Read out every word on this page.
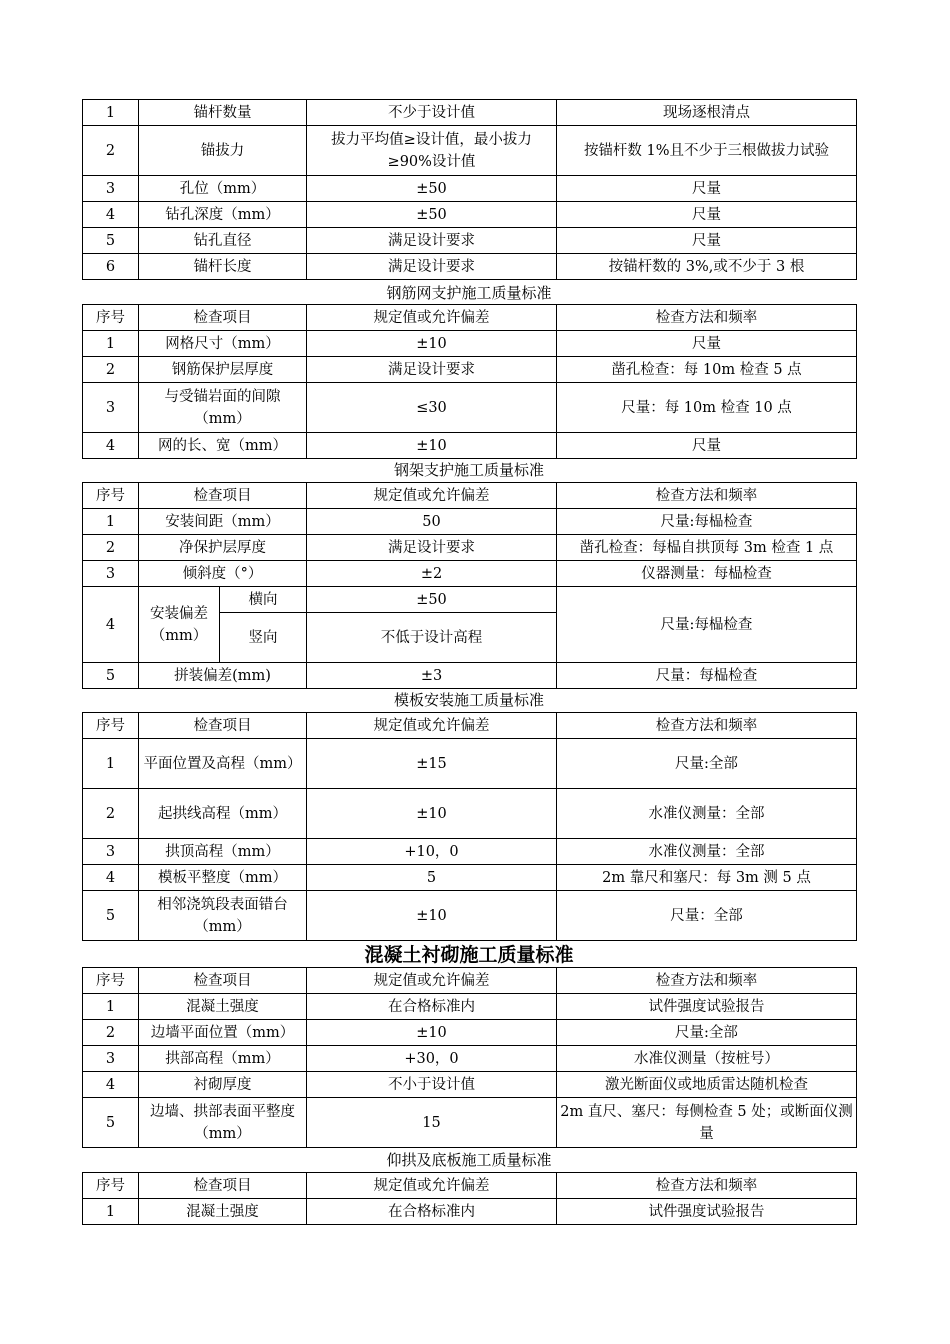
1	锚杆数量	不少于设计值	现场逐根清点
2	锚拔力	拔力平均值≥设计值，最小拔力≥90%设计值	按锚杆数 1%且不少于三根做拔力试验
3	孔位（mm）	±50	尺量
4	钻孔深度（mm）	±50	尺量
5	钻孔直径	满足设计要求	尺量
6	锚杆长度	满足设计要求	按锚杆数的 3%,或不少于 3 根
钢筋网支护施工质量标准
序号	检查项目	规定值或允许偏差	检查方法和频率
1	网格尺寸（mm）	±10	尺量
2	钢筋保护层厚度	满足设计要求	凿孔检查：每 10m 检查 5 点
3	与受锚岩面的间隙（mm）	≤30	尺量：每 10m 检查 10 点
4	网的长、宽（mm）	±10	尺量
钢架支护施工质量标准
序号	检查项目		规定值或允许偏差	检查方法和频率
1	安装间距（mm）		50	尺量:每榀检查
2	净保护层厚度		满足设计要求	凿孔检查：每榀自拱顶每 3m 检查 1 点
3	倾斜度（°）		±2	仪器测量：每榀检查
4	安装偏差（mm）	横向	±50	尺量:每榀检查
		竖向	不低于设计高程	
5	拼装偏差(mm)		±3	尺量：每榀检查
模板安装施工质量标准
序号	检查项目	规定值或允许偏差	检查方法和频率
1	平面位置及高程（mm）	±15	尺量:全部
2	起拱线高程（mm）	±10	水准仪测量：全部
3	拱顶高程（mm）	+10，0	水准仪测量：全部
4	模板平整度（mm）	5	2m 靠尺和塞尺：每 3m 测 5 点
5	相邻浇筑段表面错台（mm）	±10	尺量：全部
混凝土衬砌施工质量标准
序号	检查项目	规定值或允许偏差	检查方法和频率
1	混凝土强度	在合格标准内	试件强度试验报告
2	边墙平面位置（mm）	±10	尺量:全部
3	拱部高程（mm）	+30，0	水准仪测量（按桩号）
4	衬砌厚度	不小于设计值	激光断面仪或地质雷达随机检查
5	边墙、拱部表面平整度（mm）	15	2m 直尺、塞尺：每侧检查 5 处；或断面仪测量
仰拱及底板施工质量标准
序号	检查项目	规定值或允许偏差	检查方法和频率
1	混凝土强度	在合格标准内	试件强度试验报告
